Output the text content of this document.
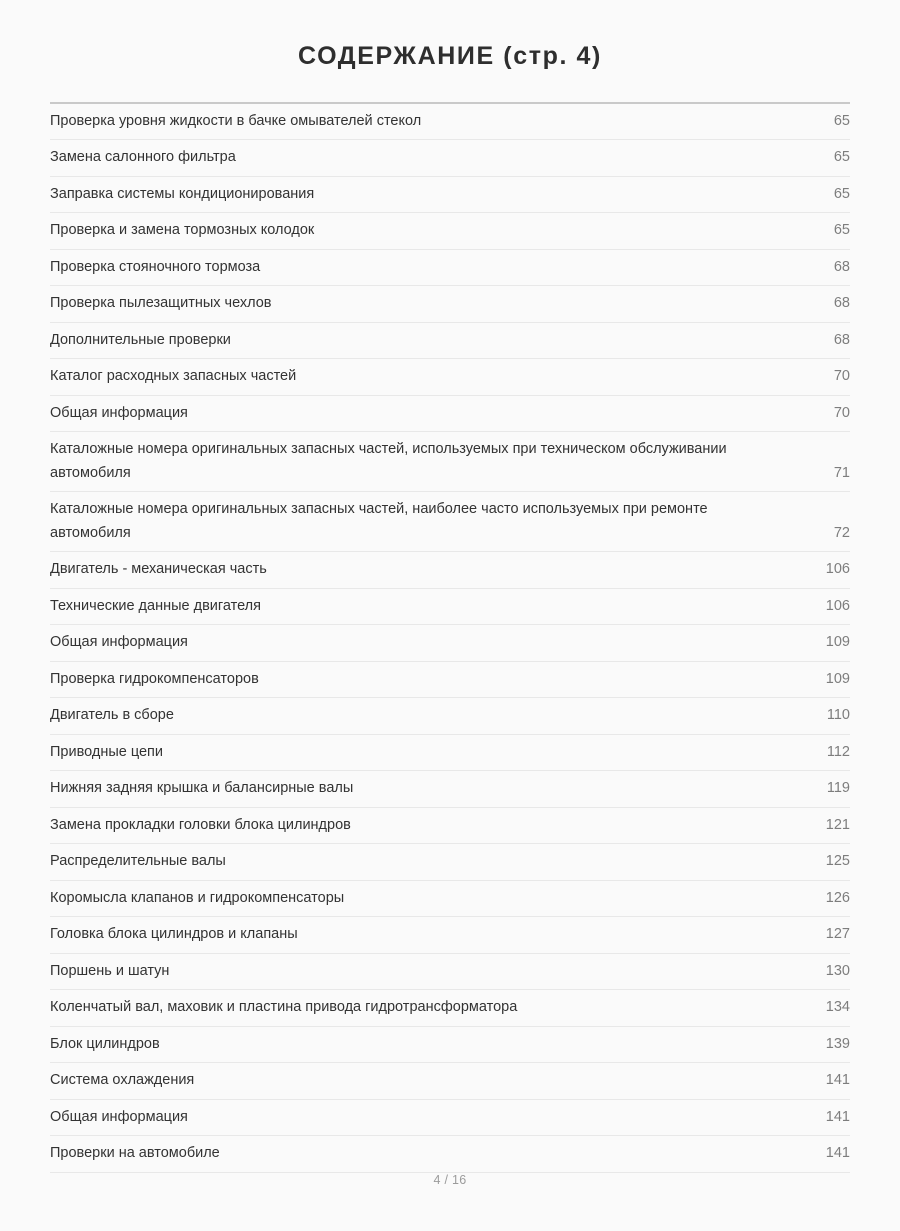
СОДЕРЖАНИЕ (стр. 4)
Проверка уровня жидкости в бачке омывателей стекол	65
Замена салонного фильтра	65
Заправка системы кондиционирования	65
Проверка и замена тормозных колодок	65
Проверка стояночного тормоза	68
Проверка пылезащитных чехлов	68
Дополнительные проверки	68
Каталог расходных запасных частей	70
Общая информация	70
Каталожные номера оригинальных запасных частей, используемых при техническом обслуживании автомобиля	71
Каталожные номера оригинальных запасных частей, наиболее часто используемых при ремонте автомобиля	72
Двигатель - механическая часть	106
Технические данные двигателя	106
Общая информация	109
Проверка гидрокомпенсаторов	109
Двигатель в сборе	110
Приводные цепи	112
Нижняя задняя крышка и балансирные валы	119
Замена прокладки головки блока цилиндров	121
Распределительные валы	125
Коромысла клапанов и гидрокомпенсаторы	126
Головка блока цилиндров и клапаны	127
Поршень и шатун	130
Коленчатый вал, маховик и пластина привода гидротрансформатора	134
Блок цилиндров	139
Система охлаждения	141
Общая информация	141
Проверки на автомобиле	141
4 / 16
